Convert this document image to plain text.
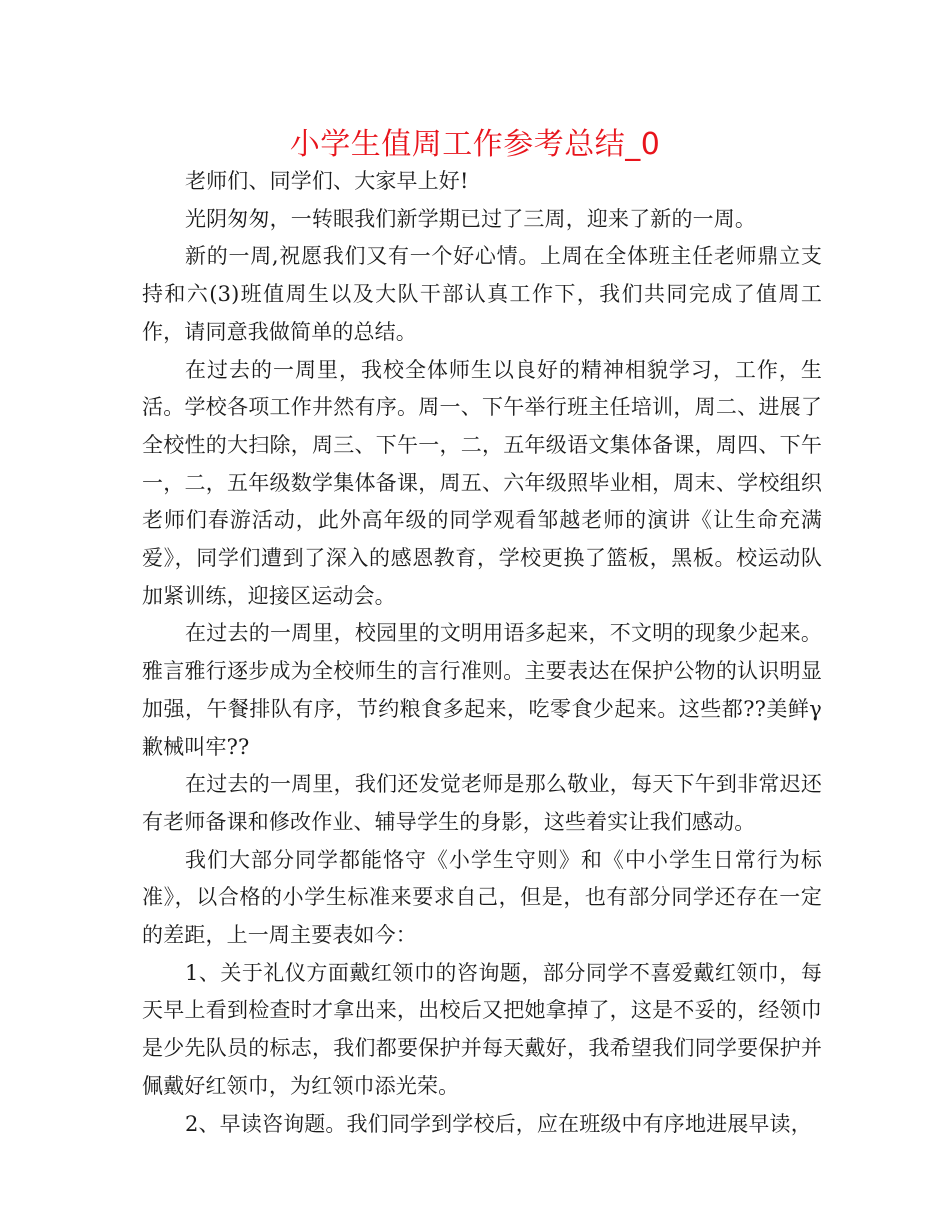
小学生值周工作参考总结_0

老师们、同学们、大家早上好!

光阴匆匆，一转眼我们新学期已过了三周，迎来了新的一周。

新的一周,祝愿我们又有一个好心情。上周在全体班主任老师鼎立支持和六(3)班值周生以及大队干部认真工作下，我们共同完成了值周工作，请同意我做简单的总结。

在过去的一周里，我校全体师生以良好的精神相貌学习，工作，生活。学校各项工作井然有序。周一、下午举行班主任培训，周二、进展了全校性的大扫除，周三、下午一，二，五年级语文集体备课，周四、下午一，二，五年级数学集体备课，周五、六年级照毕业相，周末、学校组织老师们春游活动，此外高年级的同学观看邹越老师的演讲《让生命充满爱》，同学们遭到了深入的感恩教育，学校更换了篮板，黑板。校运动队加紧训练，迎接区运动会。

在过去的一周里，校园里的文明用语多起来，不文明的现象少起来。雅言雅行逐步成为全校师生的言行准则。主要表达在保护公物的认识明显加强，午餐排队有序，节约粮食多起来，吃零食少起来。这些都??美鲜γ歉械叫牢??

在过去的一周里，我们还发觉老师是那么敬业，每天下午到非常迟还有老师备课和修改作业、辅导学生的身影，这些着实让我们感动。

我们大部分同学都能恪守《小学生守则》和《中小学生日常行为标准》，以合格的小学生标准来要求自己，但是，也有部分同学还存在一定的差距，上一周主要表如今：

1、关于礼仪方面戴红领巾的咨询题，部分同学不喜爱戴红领巾，每天早上看到检查时才拿出来，出校后又把她拿掉了，这是不妥的，经领巾是少先队员的标志，我们都要保护并每天戴好，我希望我们同学要保护并佩戴好红领巾，为红领巾添光荣。

2、早读咨询题。我们同学到学校后，应在班级中有序地进展早读，
